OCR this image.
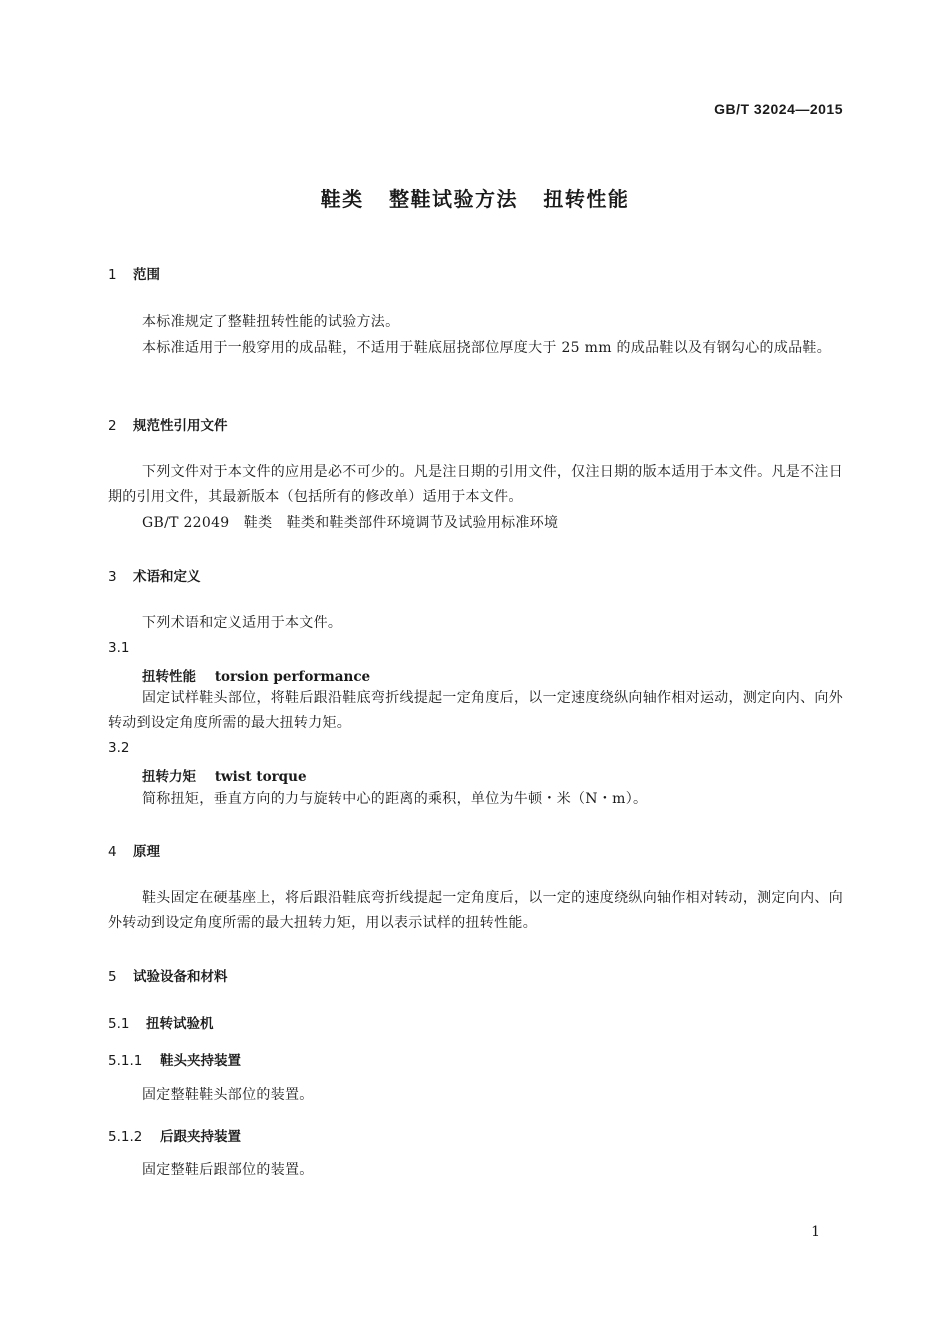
GB/T 32024—2015
鞋类   整鞋试验方法   扭转性能
1 范围
本标准规定了整鞋扭转性能的试验方法。
本标准适用于一般穿用的成品鞋，不适用于鞋底屈挠部位厚度大于 25 mm 的成品鞋以及有钢勾心的成品鞋。
2 规范性引用文件
下列文件对于本文件的应用是必不可少的。凡是注日期的引用文件，仅注日期的版本适用于本文件。凡是不注日期的引用文件，其最新版本（包括所有的修改单）适用于本文件。
GB/T 22049   鞋类   鞋类和鞋类部件环境调节及试验用标准环境
3 术语和定义
下列术语和定义适用于本文件。
3.1
扭转性能 torsion performance
固定试样鞋头部位，将鞋后跟沿鞋底弯折线提起一定角度后，以一定速度绕纵向轴作相对运动，测定向内、向外转动到设定角度所需的最大扭转力矩。
3.2
扭转力矩 twist torque
简称扭矩，垂直方向的力与旋转中心的距离的乘积，单位为牛顿・米（N・m）。
4 原理
鞋头固定在硬基座上，将后跟沿鞋底弯折线提起一定角度后，以一定的速度绕纵向轴作相对转动，测定向内、向外转动到设定角度所需的最大扭转力矩，用以表示试样的扭转性能。
5 试验设备和材料
5.1 扭转试验机
5.1.1 鞋头夹持装置
固定整鞋鞋头部位的装置。
5.1.2 后跟夹持装置
固定整鞋后跟部位的装置。
1
